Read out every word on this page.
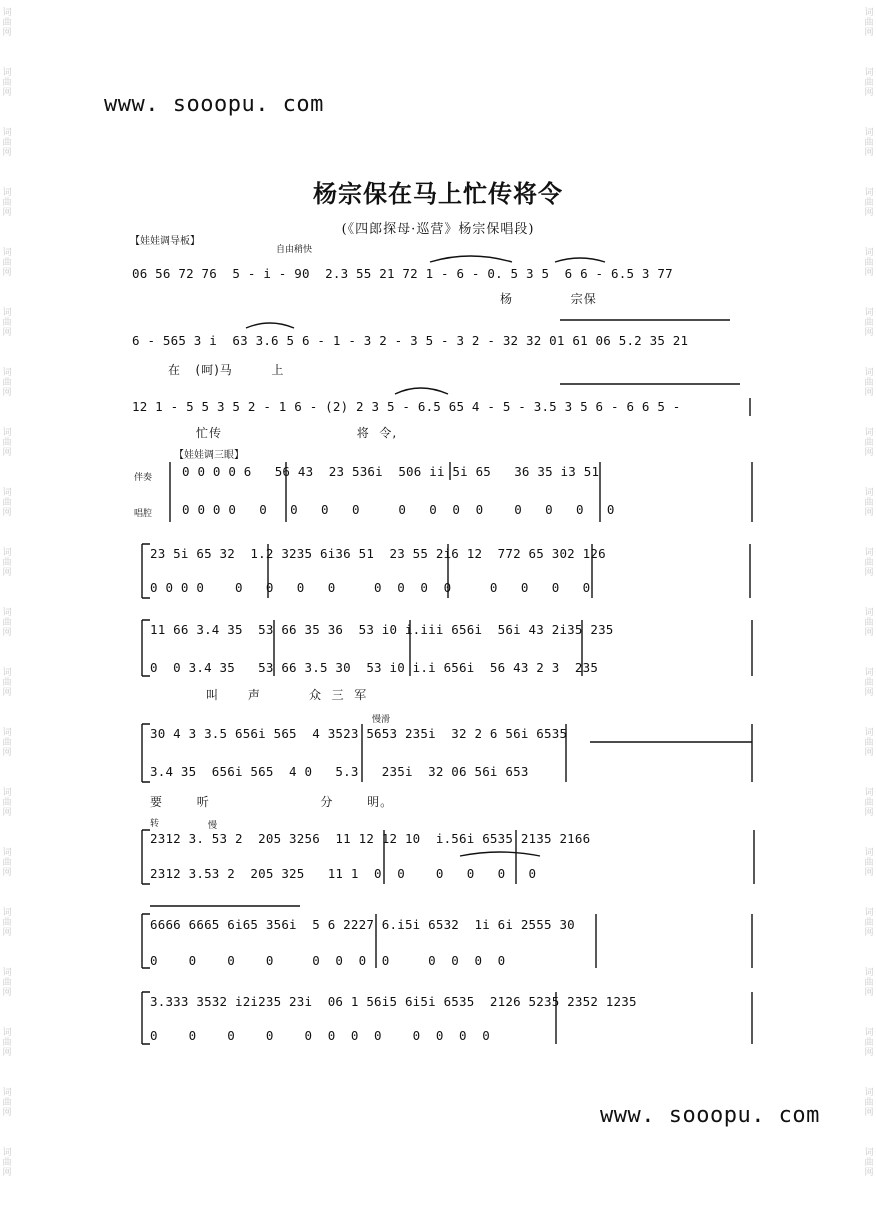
词
曲
网
词
曲
网
词
曲
网
词
曲
网
词
曲
网
词
曲
网
词
曲
网
词
曲
网
词
曲
网
词
曲
网
词
曲
网
词
曲
网
词
曲
网
词
曲
网
词
曲
网
词
曲
网
词
曲
网
词
曲
网
词
曲
网
词
曲
网
词
曲
网
词
曲
网
词
曲
网
词
曲
网
词
曲
网
词
曲
网
词
曲
网
词
曲
网
词
曲
网
词
曲
网
词
曲
网
词
曲
网
词
曲
网
词
曲
网
词
曲
网
词
曲
网
词
曲
网
词
曲
网
词
曲
网
词
曲
网
www. sooopu. com
www. sooopu. com
杨宗保在马上忙传将令
(《四郎探母·巡营》杨宗保唱段)
【娃娃调导板】
自由稍快
06 56 72 76  5 - i - 90  2.3 55 21 72 1 - 6 - 0. 5 3 5  6 6 - 6.5 3 77
杨            宗保
6 - 565 3 i  63 3.6 5 6 - 1 - 3 2 - 3 5 - 3 2 - 32 32 01 61 06 5.2 35 21
在   (呵)马        上
12 1 - 5 5 3 5 2 - 1 6 - (2) 2 3 5 - 6.5 65 4 - 5 - 3.5 3 5 6 - 6 6 5 -
忙传                            将  令,
【娃娃调三眼】
伴奏
唱腔
0 0 0 0 6   56 43  23 536i  506 ii 5i 65   36 35 i3 51
0 0 0 0   0   0   0   0     0   0  0  0    0   0   0   0
23 5i 65 32  1.2 3235 6i36 51  23 55 2i6 12  772 65 302 126
0 0 0 0    0   0   0   0     0  0  0  0     0   0   0   0
11 66 3.4 35  53 66 35 36  53 i0 i.iii 656i  56i 43 2i35 235
0  0 3.4 35   53 66 3.5 30  53 i0 i.i 656i  56 43 2 3  235
叫      声          众  三  军
慢滑
30 4 3 3.5 656i 565  4 3523 5653 235i  32 2 6 56i 6535
3.4 35  656i 565  4 0   5.3   235i  32 06 56i 653
要       听                       分       明。
转	慢
2312 3. 53 2  205 3256  11 12 12 10  i.56i 6535 2135 2166
2312 3.53 2  205 325   11 1  0  0    0   0   0   0
6666 6665 6i65 356i  5 6 2227 6.i5i 6532  1i 6i 2555 30
0    0    0    0     0  0  0  0     0  0  0  0
3.333 3532 i2i235 23i  06 1 56i5 6i5i 6535  2126 5235 2352 1235
0    0    0    0    0  0  0  0    0  0  0  0
